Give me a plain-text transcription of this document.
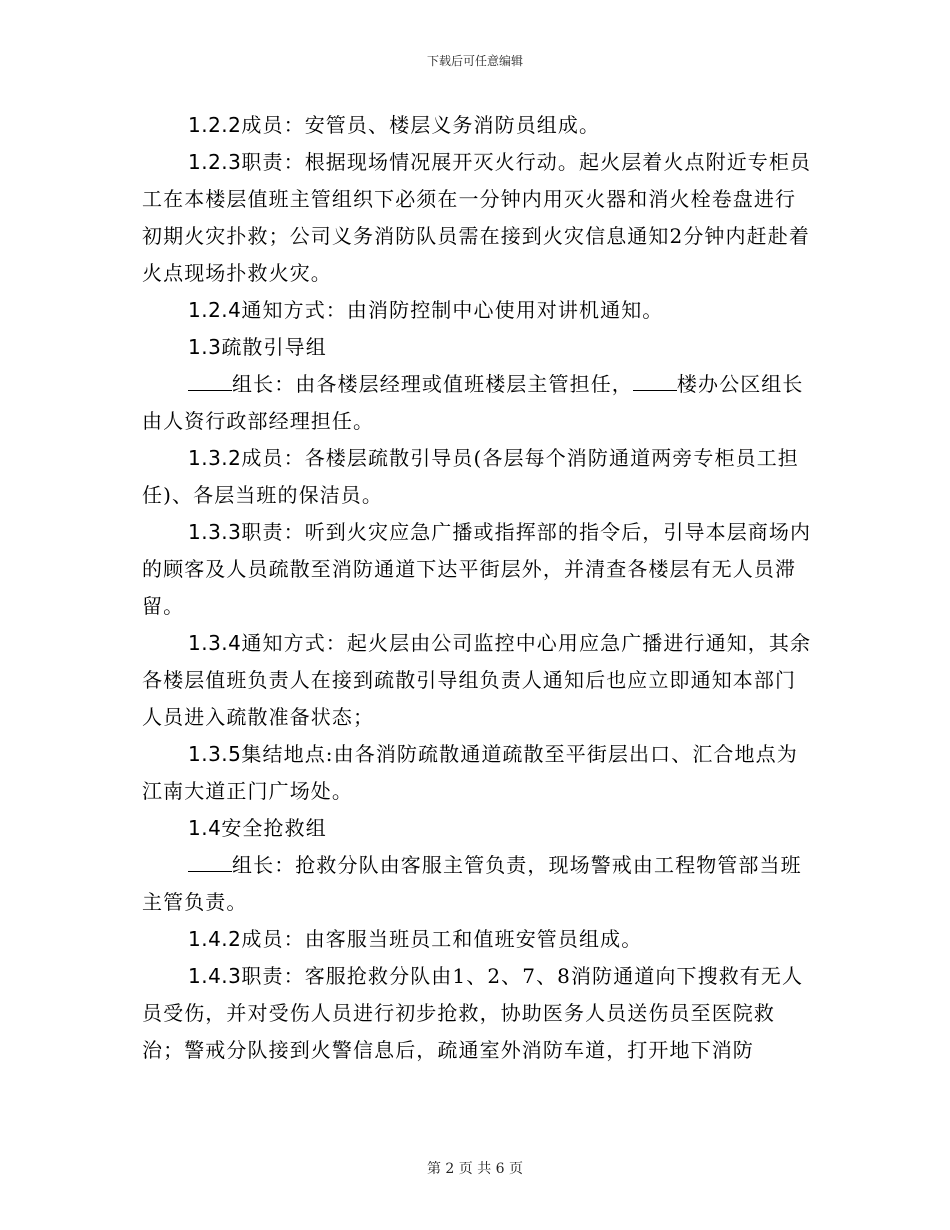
下载后可任意编辑

1.2.2成员：安管员、楼层义务消防员组成。

1.2.3职责：根据现场情况展开灭火行动。起火层着火点附近专柜员工在本楼层值班主管组织下必须在一分钟内用灭火器和消火栓卷盘进行初期火灾扑救；公司义务消防队员需在接到火灾信息通知2分钟内赶赴着火点现场扑救火灾。

1.2.4通知方式：由消防控制中心使用对讲机通知。

1.3疏散引导组

组长：由各楼层经理或值班楼层主管担任， 楼办公区组长由人资行政部经理担任。

1.3.2成员：各楼层疏散引导员(各层每个消防通道两旁专柜员工担任)、各层当班的保洁员。

1.3.3职责：听到火灾应急广播或指挥部的指令后，引导本层商场内的顾客及人员疏散至消防通道下达平街层外，并清查各楼层有无人员滞留。

1.3.4通知方式：起火层由公司监控中心用应急广播进行通知，其余各楼层值班负责人在接到疏散引导组负责人通知后也应立即通知本部门人员进入疏散准备状态；

1.3.5集结地点:由各消防疏散通道疏散至平街层出口、汇合地点为江南大道正门广场处。

1.4安全抢救组

组长：抢救分队由客服主管负责，现场警戒由工程物管部当班主管负责。

1.4.2成员：由客服当班员工和值班安管员组成。

1.4.3职责：客服抢救分队由1、2、7、8消防通道向下搜救有无人员受伤，并对受伤人员进行初步抢救，协助医务人员送伤员至医院救治；警戒分队接到火警信息后，疏通室外消防车道，打开地下消防

第 2 页 共 6 页
